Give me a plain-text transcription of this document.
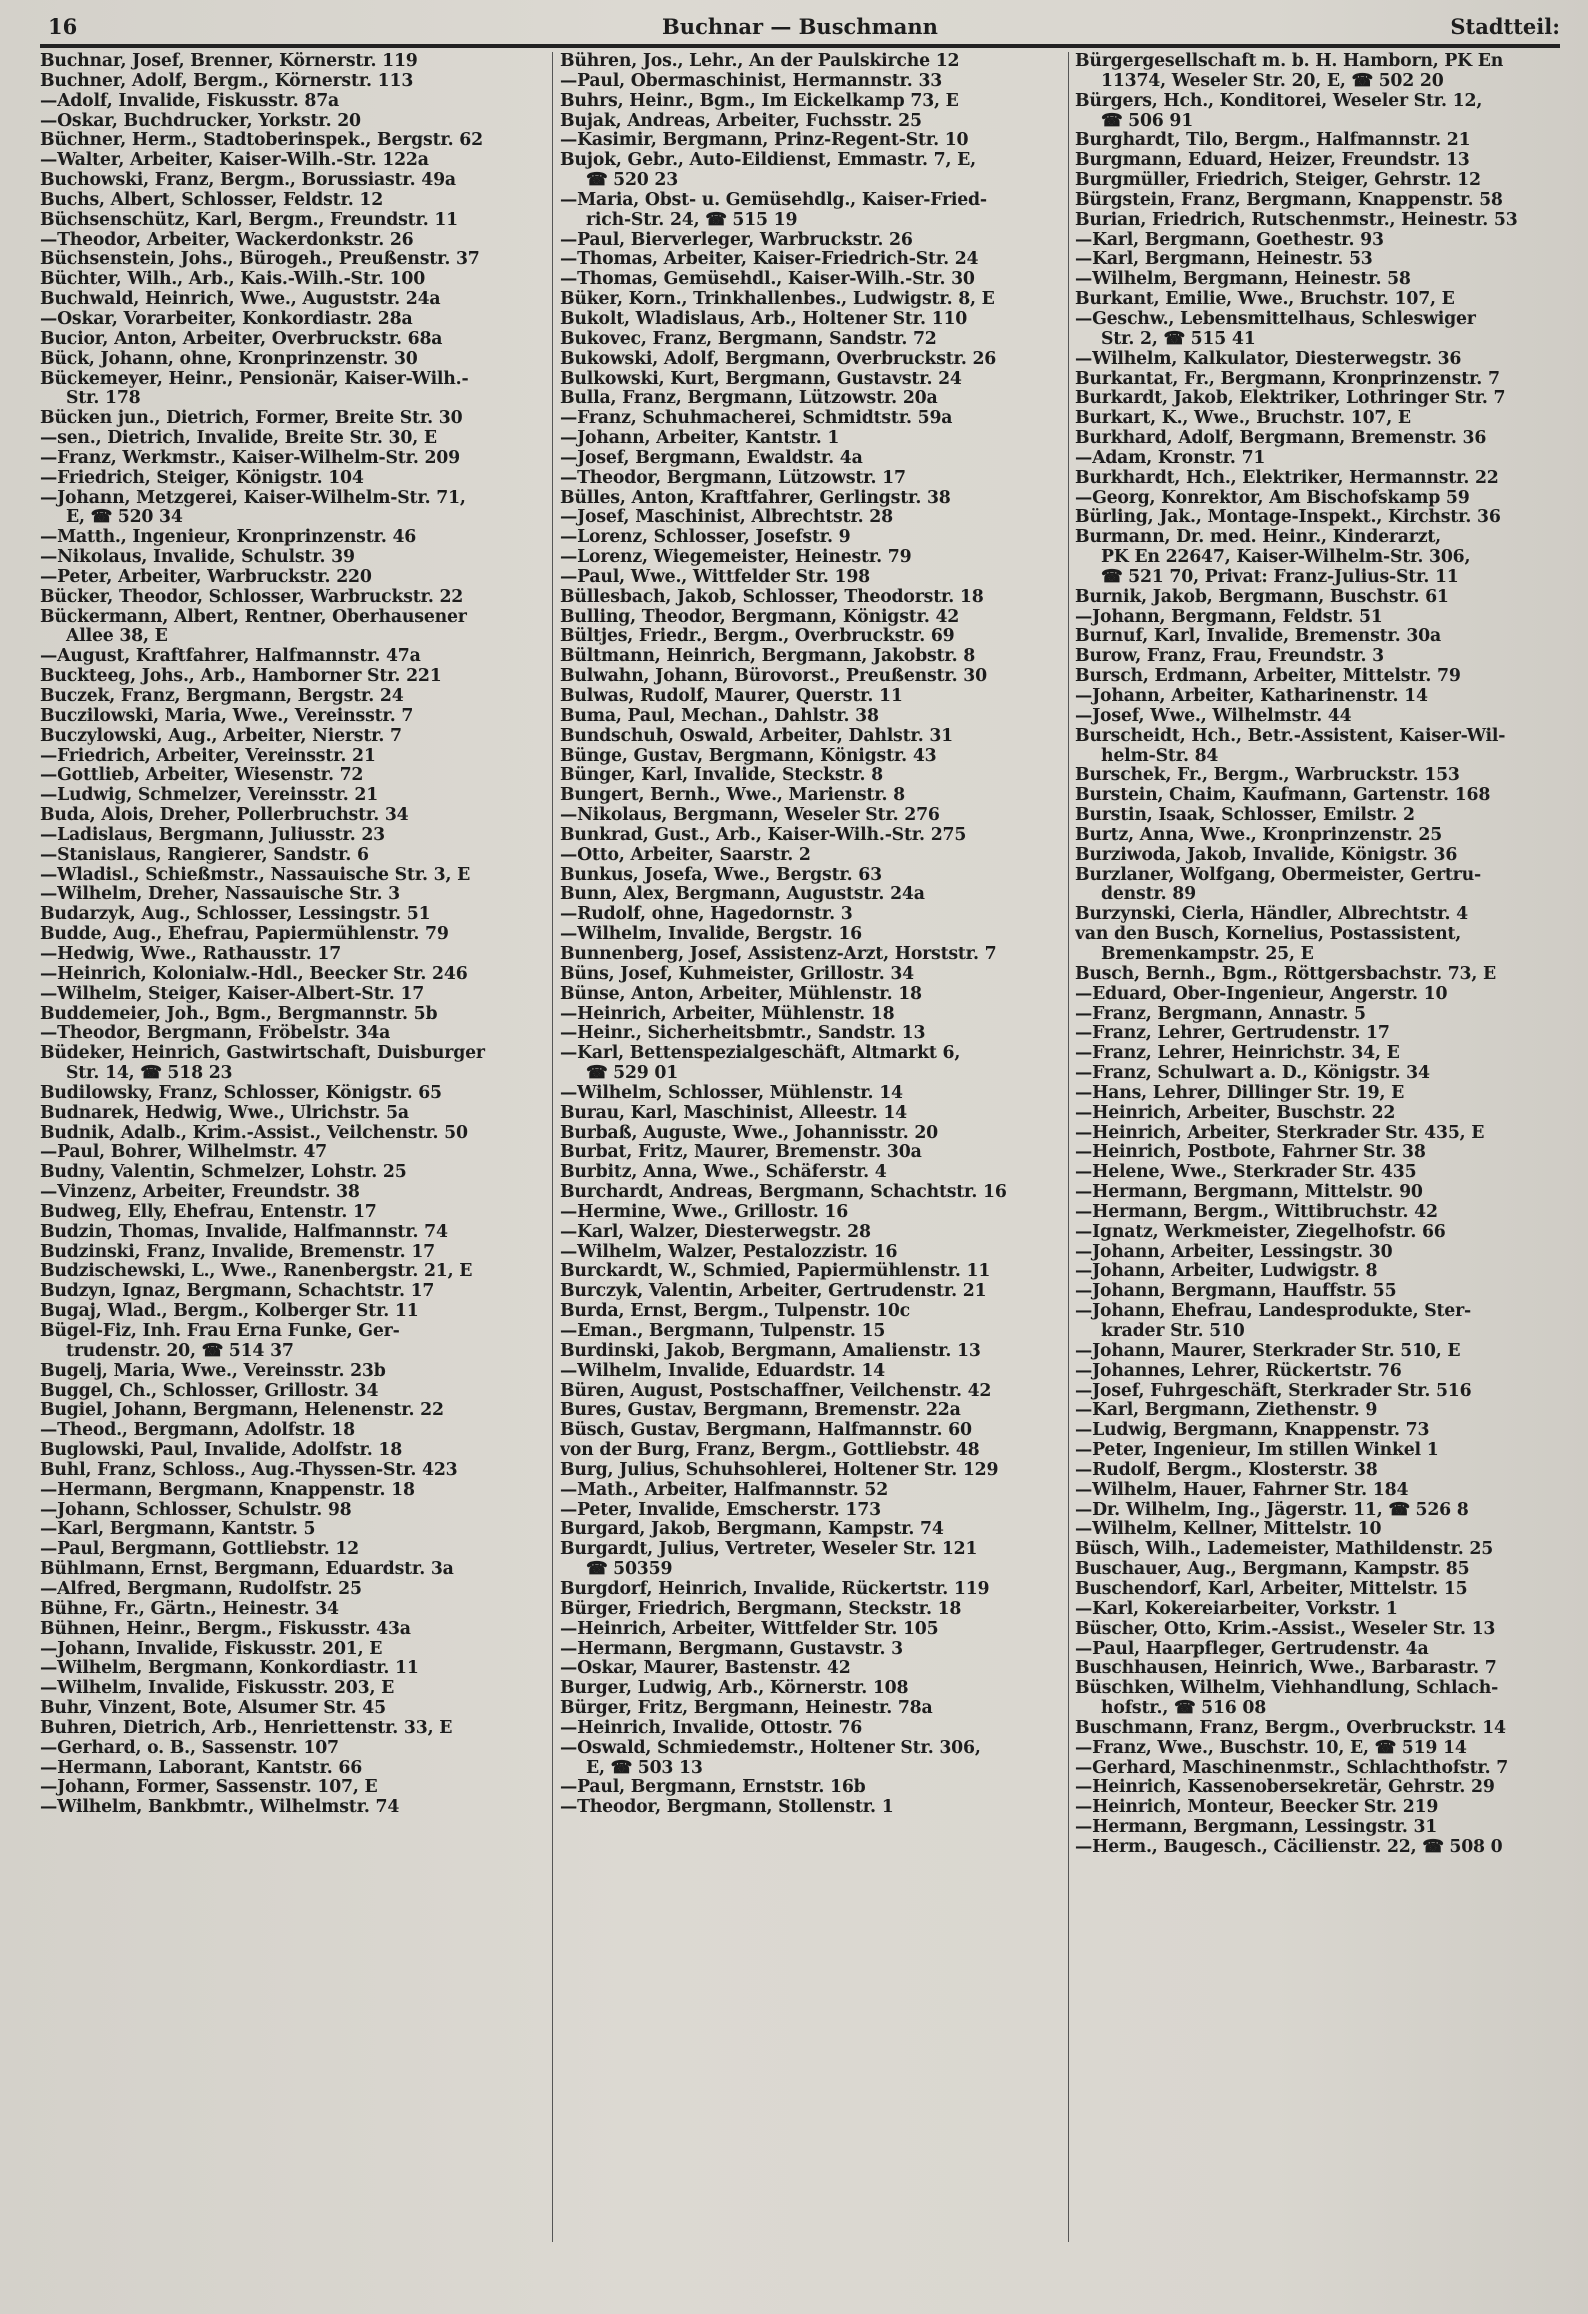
16	Buchnar — Buschmann	Stadtteil:
Buchnar, Josef, Brenner, Körnerstr. 119
Buchner, Adolf, Bergm., Körnerstr. 113
—Adolf, Invalide, Fiskusstr. 87a
—Oskar, Buchdrucker, Yorkstr. 20
Büchner, Herm., Stadtoberinspek., Bergstr. 62
—Walter, Arbeiter, Kaiser-Wilh.-Str. 122a
Buchowski, Franz, Bergm., Borussiastr. 49a
Buchs, Albert, Schlosser, Feldstr. 12
Büchsenschütz, Karl, Bergm., Freundstr. 11
—Theodor, Arbeiter, Wackerdonkstr. 26
Büchsenstein, Johs., Bürogeh., Preußenstr. 37
Büchter, Wilh., Arb., Kais.-Wilh.-Str. 100
Buchwald, Heinrich, Wwe., Auguststr. 24a
—Oskar, Vorarbeiter, Konkordiastr. 28a
Bucior, Anton, Arbeiter, Overbruckstr. 68a
Bück, Johann, ohne, Kronprinzenstr. 30
Bückemeyer, Heinr., Pensionär, Kaiser-Wilh.-
Str. 178
Bücken jun., Dietrich, Former, Breite Str. 30
—sen., Dietrich, Invalide, Breite Str. 30, E
—Franz, Werkmstr., Kaiser-Wilhelm-Str. 209
—Friedrich, Steiger, Königstr. 104
—Johann, Metzgerei, Kaiser-Wilhelm-Str. 71,
E, ☎ 520 34
—Matth., Ingenieur, Kronprinzenstr. 46
—Nikolaus, Invalide, Schulstr. 39
—Peter, Arbeiter, Warbruckstr. 220
Bücker, Theodor, Schlosser, Warbruckstr. 22
Bückermann, Albert, Rentner, Oberhausener
Allee 38, E
—August, Kraftfahrer, Halfmannstr. 47a
Buckteeg, Johs., Arb., Hamborner Str. 221
Buczek, Franz, Bergmann, Bergstr. 24
Buczilowski, Maria, Wwe., Vereinsstr. 7
Buczylowski, Aug., Arbeiter, Nierstr. 7
—Friedrich, Arbeiter, Vereinsstr. 21
—Gottlieb, Arbeiter, Wiesenstr. 72
—Ludwig, Schmelzer, Vereinsstr. 21
Buda, Alois, Dreher, Pollerbruchstr. 34
—Ladislaus, Bergmann, Juliusstr. 23
—Stanislaus, Rangierer, Sandstr. 6
—Wladisl., Schießmstr., Nassauische Str. 3, E
—Wilhelm, Dreher, Nassauische Str. 3
Budarzyk, Aug., Schlosser, Lessingstr. 51
Budde, Aug., Ehefrau, Papiermühlenstr. 79
—Hedwig, Wwe., Rathausstr. 17
—Heinrich, Kolonialw.-Hdl., Beecker Str. 246
—Wilhelm, Steiger, Kaiser-Albert-Str. 17
Buddemeier, Joh., Bgm., Bergmannstr. 5b
—Theodor, Bergmann, Fröbelstr. 34a
Büdeker, Heinrich, Gastwirtschaft, Duisburger
Str. 14, ☎ 518 23
Budilowsky, Franz, Schlosser, Königstr. 65
Budnarek, Hedwig, Wwe., Ulrichstr. 5a
Budnik, Adalb., Krim.-Assist., Veilchenstr. 50
—Paul, Bohrer, Wilhelmstr. 47
Budny, Valentin, Schmelzer, Lohstr. 25
—Vinzenz, Arbeiter, Freundstr. 38
Budweg, Elly, Ehefrau, Entenstr. 17
Budzin, Thomas, Invalide, Halfmannstr. 74
Budzinski, Franz, Invalide, Bremenstr. 17
Budzischewski, L., Wwe., Ranenbergstr. 21, E
Budzyn, Ignaz, Bergmann, Schachtstr. 17
Bugaj, Wlad., Bergm., Kolberger Str. 11
Bügel-Fiz, Inh. Frau Erna Funke, Ger-
trudenstr. 20, ☎ 514 37
Bugelj, Maria, Wwe., Vereinsstr. 23b
Buggel, Ch., Schlosser, Grillostr. 34
Bugiel, Johann, Bergmann, Helenenstr. 22
—Theod., Bergmann, Adolfstr. 18
Buglowski, Paul, Invalide, Adolfstr. 18
Buhl, Franz, Schloss., Aug.-Thyssen-Str. 423
—Hermann, Bergmann, Knappenstr. 18
—Johann, Schlosser, Schulstr. 98
—Karl, Bergmann, Kantstr. 5
—Paul, Bergmann, Gottliebstr. 12
Bühlmann, Ernst, Bergmann, Eduardstr. 3a
—Alfred, Bergmann, Rudolfstr. 25
Bühne, Fr., Gärtn., Heinestr. 34
Bühnen, Heinr., Bergm., Fiskusstr. 43a
—Johann, Invalide, Fiskusstr. 201, E
—Wilhelm, Bergmann, Konkordiastr. 11
—Wilhelm, Invalide, Fiskusstr. 203, E
Buhr, Vinzent, Bote, Alsumer Str. 45
Buhren, Dietrich, Arb., Henriettenstr. 33, E
—Gerhard, o. B., Sassenstr. 107
—Hermann, Laborant, Kantstr. 66
—Johann, Former, Sassenstr. 107, E
—Wilhelm, Bankbmtr., Wilhelmstr. 74
Bühren, Jos., Lehr., An der Paulskirche 12
—Paul, Obermaschinist, Hermannstr. 33
Buhrs, Heinr., Bgm., Im Eickelkamp 73, E
Bujak, Andreas, Arbeiter, Fuchsstr. 25
—Kasimir, Bergmann, Prinz-Regent-Str. 10
Bujok, Gebr., Auto-Eildienst, Emmastr. 7, E,
☎ 520 23
—Maria, Obst- u. Gemüsehdlg., Kaiser-Fried-
rich-Str. 24, ☎ 515 19
—Paul, Bierverleger, Warbruckstr. 26
—Thomas, Arbeiter, Kaiser-Friedrich-Str. 24
—Thomas, Gemüsehdl., Kaiser-Wilh.-Str. 30
Büker, Korn., Trinkhallenbes., Ludwigstr. 8, E
Bukolt, Wladislaus, Arb., Holtener Str. 110
Bukovec, Franz, Bergmann, Sandstr. 72
Bukowski, Adolf, Bergmann, Overbruckstr. 26
Bulkowski, Kurt, Bergmann, Gustavstr. 24
Bulla, Franz, Bergmann, Lützowstr. 20a
—Franz, Schuhmacherei, Schmidtstr. 59a
—Johann, Arbeiter, Kantstr. 1
—Josef, Bergmann, Ewaldstr. 4a
—Theodor, Bergmann, Lützowstr. 17
Bülles, Anton, Kraftfahrer, Gerlingstr. 38
—Josef, Maschinist, Albrechtstr. 28
—Lorenz, Schlosser, Josefstr. 9
—Lorenz, Wiegemeister, Heinestr. 79
—Paul, Wwe., Wittfelder Str. 198
Büllesbach, Jakob, Schlosser, Theodorstr. 18
Bulling, Theodor, Bergmann, Königstr. 42
Bültjes, Friedr., Bergm., Overbruckstr. 69
Bültmann, Heinrich, Bergmann, Jakobstr. 8
Bulwahn, Johann, Bürovorst., Preußenstr. 30
Bulwas, Rudolf, Maurer, Querstr. 11
Buma, Paul, Mechan., Dahlstr. 38
Bundschuh, Oswald, Arbeiter, Dahlstr. 31
Bünge, Gustav, Bergmann, Königstr. 43
Bünger, Karl, Invalide, Steckstr. 8
Bungert, Bernh., Wwe., Marienstr. 8
—Nikolaus, Bergmann, Weseler Str. 276
Bunkrad, Gust., Arb., Kaiser-Wilh.-Str. 275
—Otto, Arbeiter, Saarstr. 2
Bunkus, Josefa, Wwe., Bergstr. 63
Bunn, Alex, Bergmann, Auguststr. 24a
—Rudolf, ohne, Hagedornstr. 3
—Wilhelm, Invalide, Bergstr. 16
Bunnenberg, Josef, Assistenz-Arzt, Horststr. 7
Büns, Josef, Kuhmeister, Grillostr. 34
Bünse, Anton, Arbeiter, Mühlenstr. 18
—Heinrich, Arbeiter, Mühlenstr. 18
—Heinr., Sicherheitsbmtr., Sandstr. 13
—Karl, Bettenspezialgeschäft, Altmarkt 6,
☎ 529 01
—Wilhelm, Schlosser, Mühlenstr. 14
Burau, Karl, Maschinist, Alleestr. 14
Burbaß, Auguste, Wwe., Johannisstr. 20
Burbat, Fritz, Maurer, Bremenstr. 30a
Burbitz, Anna, Wwe., Schäferstr. 4
Burchardt, Andreas, Bergmann, Schachtstr. 16
—Hermine, Wwe., Grillostr. 16
—Karl, Walzer, Diesterwegstr. 28
—Wilhelm, Walzer, Pestalozzistr. 16
Burckardt, W., Schmied, Papiermühlenstr. 11
Burczyk, Valentin, Arbeiter, Gertrudenstr. 21
Burda, Ernst, Bergm., Tulpenstr. 10c
—Eman., Bergmann, Tulpenstr. 15
Burdinski, Jakob, Bergmann, Amalienstr. 13
—Wilhelm, Invalide, Eduardstr. 14
Büren, August, Postschaffner, Veilchenstr. 42
Bures, Gustav, Bergmann, Bremenstr. 22a
Büsch, Gustav, Bergmann, Halfmannstr. 60
von der Burg, Franz, Bergm., Gottliebstr. 48
Burg, Julius, Schuhsohlerei, Holtener Str. 129
—Math., Arbeiter, Halfmannstr. 52
—Peter, Invalide, Emscherstr. 173
Burgard, Jakob, Bergmann, Kampstr. 74
Burgardt, Julius, Vertreter, Weseler Str. 121
☎ 50359
Burgdorf, Heinrich, Invalide, Rückertstr. 119
Bürger, Friedrich, Bergmann, Steckstr. 18
—Heinrich, Arbeiter, Wittfelder Str. 105
—Hermann, Bergmann, Gustavstr. 3
—Oskar, Maurer, Bastenstr. 42
Burger, Ludwig, Arb., Körnerstr. 108
Bürger, Fritz, Bergmann, Heinestr. 78a
—Heinrich, Invalide, Ottostr. 76
—Oswald, Schmiedemstr., Holtener Str. 306,
E, ☎ 503 13
—Paul, Bergmann, Ernststr. 16b
—Theodor, Bergmann, Stollenstr. 1
Bürgergesellschaft m. b. H. Hamborn, PK En
11374, Weseler Str. 20, E, ☎ 502 20
Bürgers, Hch., Konditorei, Weseler Str. 12,
☎ 506 91
Burghardt, Tilo, Bergm., Halfmannstr. 21
Burgmann, Eduard, Heizer, Freundstr. 13
Burgmüller, Friedrich, Steiger, Gehrstr. 12
Bürgstein, Franz, Bergmann, Knappenstr. 58
Burian, Friedrich, Rutschenmstr., Heinestr. 53
—Karl, Bergmann, Goethestr. 93
—Karl, Bergmann, Heinestr. 53
—Wilhelm, Bergmann, Heinestr. 58
Burkant, Emilie, Wwe., Bruchstr. 107, E
—Geschw., Lebensmittelhaus, Schleswiger
Str. 2, ☎ 515 41
—Wilhelm, Kalkulator, Diesterwegstr. 36
Burkantat, Fr., Bergmann, Kronprinzenstr. 7
Burkardt, Jakob, Elektriker, Lothringer Str. 7
Burkart, K., Wwe., Bruchstr. 107, E
Burkhard, Adolf, Bergmann, Bremenstr. 36
—Adam, Kronstr. 71
Burkhardt, Hch., Elektriker, Hermannstr. 22
—Georg, Konrektor, Am Bischofskamp 59
Bürling, Jak., Montage-Inspekt., Kirchstr. 36
Burmann, Dr. med. Heinr., Kinderarzt,
PK En 22647, Kaiser-Wilhelm-Str. 306,
☎ 521 70, Privat: Franz-Julius-Str. 11
Burnik, Jakob, Bergmann, Buschstr. 61
—Johann, Bergmann, Feldstr. 51
Burnuf, Karl, Invalide, Bremenstr. 30a
Burow, Franz, Frau, Freundstr. 3
Bursch, Erdmann, Arbeiter, Mittelstr. 79
—Johann, Arbeiter, Katharinenstr. 14
—Josef, Wwe., Wilhelmstr. 44
Burscheidt, Hch., Betr.-Assistent, Kaiser-Wil-
helm-Str. 84
Burschek, Fr., Bergm., Warbruckstr. 153
Burstein, Chaim, Kaufmann, Gartenstr. 168
Burstin, Isaak, Schlosser, Emilstr. 2
Burtz, Anna, Wwe., Kronprinzenstr. 25
Burziwoda, Jakob, Invalide, Königstr. 36
Burzlaner, Wolfgang, Obermeister, Gertru-
denstr. 89
Burzynski, Cierla, Händler, Albrechtstr. 4
van den Busch, Kornelius, Postassistent,
Bremenkampstr. 25, E
Busch, Bernh., Bgm., Röttgersbachstr. 73, E
—Eduard, Ober-Ingenieur, Angerstr. 10
—Franz, Bergmann, Annastr. 5
—Franz, Lehrer, Gertrudenstr. 17
—Franz, Lehrer, Heinrichstr. 34, E
—Franz, Schulwart a. D., Königstr. 34
—Hans, Lehrer, Dillinger Str. 19, E
—Heinrich, Arbeiter, Buschstr. 22
—Heinrich, Arbeiter, Sterkrader Str. 435, E
—Heinrich, Postbote, Fahrner Str. 38
—Helene, Wwe., Sterkrader Str. 435
—Hermann, Bergmann, Mittelstr. 90
—Hermann, Bergm., Wittibruchstr. 42
—Ignatz, Werkmeister, Ziegelhofstr. 66
—Johann, Arbeiter, Lessingstr. 30
—Johann, Arbeiter, Ludwigstr. 8
—Johann, Bergmann, Hauffstr. 55
—Johann, Ehefrau, Landesprodukte, Ster-
krader Str. 510
—Johann, Maurer, Sterkrader Str. 510, E
—Johannes, Lehrer, Rückertstr. 76
—Josef, Fuhrgeschäft, Sterkrader Str. 516
—Karl, Bergmann, Ziethenstr. 9
—Ludwig, Bergmann, Knappenstr. 73
—Peter, Ingenieur, Im stillen Winkel 1
—Rudolf, Bergm., Klosterstr. 38
—Wilhelm, Hauer, Fahrner Str. 184
—Dr. Wilhelm, Ing., Jägerstr. 11, ☎ 526 8
—Wilhelm, Kellner, Mittelstr. 10
Büsch, Wilh., Lademeister, Mathildenstr. 25
Buschauer, Aug., Bergmann, Kampstr. 85
Buschendorf, Karl, Arbeiter, Mittelstr. 15
—Karl, Kokereiarbeiter, Vorkstr. 1
Büscher, Otto, Krim.-Assist., Weseler Str. 13
—Paul, Haarpfleger, Gertrudenstr. 4a
Buschhausen, Heinrich, Wwe., Barbarastr. 7
Büschken, Wilhelm, Viehhandlung, Schlach-
hofstr., ☎ 516 08
Buschmann, Franz, Bergm., Overbruckstr. 14
—Franz, Wwe., Buschstr. 10, E, ☎ 519 14
—Gerhard, Maschinenmstr., Schlachthofstr. 7
—Heinrich, Kassenobersekretär, Gehrstr. 29
—Heinrich, Monteur, Beecker Str. 219
—Hermann, Bergmann, Lessingstr. 31
—Herm., Baugesch., Cäcilienstr. 22, ☎ 508 0
